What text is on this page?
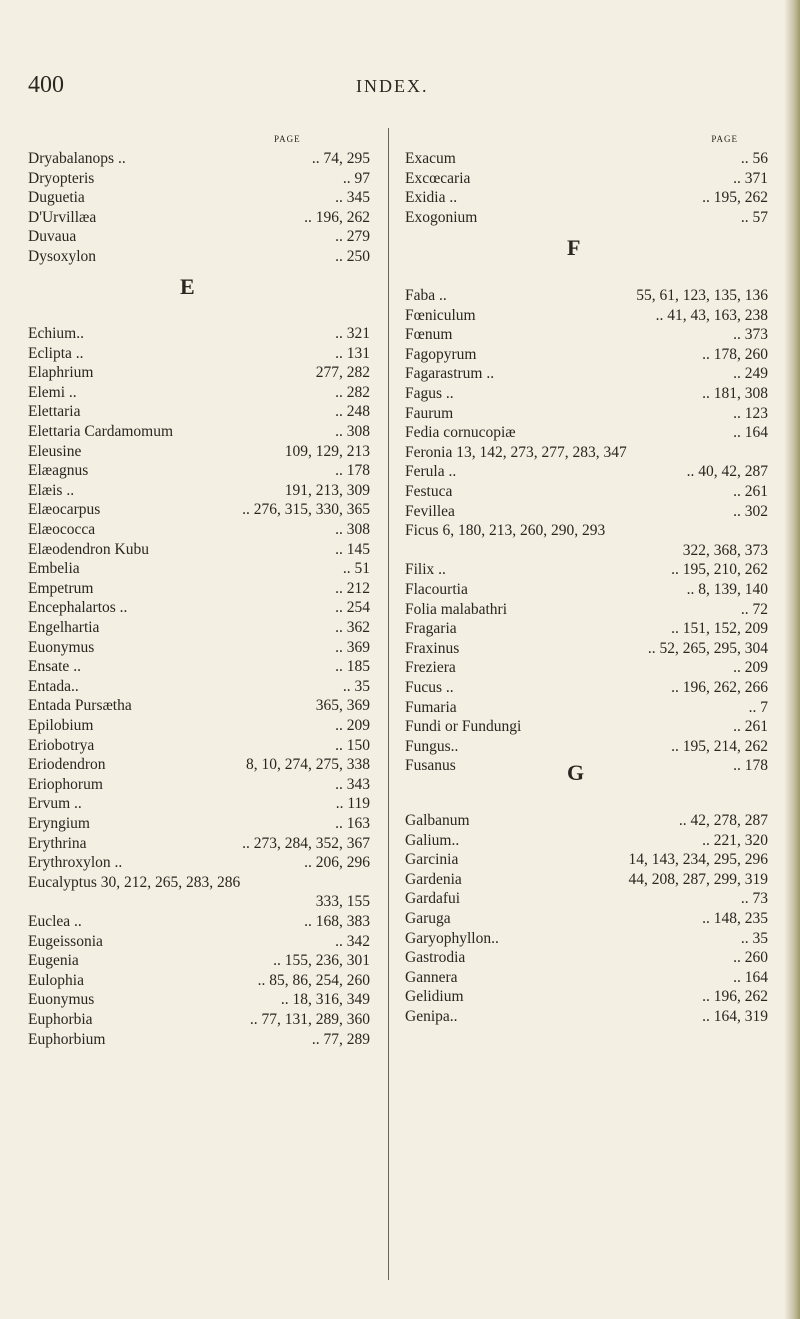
400	INDEX.
PAGE
E
Dryabalanops ..	.. 74, 295
Dryopteris	.. 97
Duguetia	.. 345
D'Urvillæa	.. 196, 262
Duvaua	.. 279
Dysoxylon	.. 250
Echium..	.. 321
Eclipta ..	.. 131
Elaphrium	277, 282
Elemi ..	.. 282
Elettaria	.. 248
Elettaria Cardamomum	.. 308
Eleusine	109, 129, 213
Elæagnus	.. 178
Elæis ..	191, 213, 309
Elæocarpus	.. 276, 315, 330, 365
Elæococca	.. 308
Elæodendron Kubu	.. 145
Embelia	.. 51
Empetrum	.. 212
Encephalartos ..	.. 254
Engelhartia	.. 362
Euonymus	.. 369
Ensate ..	.. 185
Entada..	.. 35
Entada Pursætha	365, 369
Epilobium	.. 209
Eriobotrya	.. 150
Eriodendron	8, 10, 274, 275, 338
Eriophorum	.. 343
Ervum ..	.. 119
Eryngium	.. 163
Erythrina	.. 273, 284, 352, 367
Erythroxylon ..	.. 206, 296
Eucalyptus 30, 212, 265, 283, 286
333, 155
Euclea ..	.. 168, 383
Eugeissonia	.. 342
Eugenia	.. 155, 236, 301
Eulophia	.. 85, 86, 254, 260
Euonymus	.. 18, 316, 349
Euphorbia	.. 77, 131, 289, 360
Euphorbium	.. 77, 289
PAGE
F
G
Exacum	.. 56
Excœcaria	.. 371
Exidia ..	.. 195, 262
Exogonium	.. 57
Faba ..	55, 61, 123, 135, 136
Fœniculum	.. 41, 43, 163, 238
Fœnum	.. 373
Fagopyrum	.. 178, 260
Fagarastrum ..	.. 249
Fagus ..	.. 181, 308
Faurum	.. 123
Fedia cornucopiæ	.. 164
Feronia 13, 142, 273, 277, 283, 347
Ferula ..	.. 40, 42, 287
Festuca	.. 261
Fevillea	.. 302
Ficus 6, 180, 213, 260, 290, 293
322, 368, 373
Filix ..	.. 195, 210, 262
Flacourtia	.. 8, 139, 140
Folia malabathri	.. 72
Fragaria	.. 151, 152, 209
Fraxinus	.. 52, 265, 295, 304
Freziera	.. 209
Fucus ..	.. 196, 262, 266
Fumaria	.. 7
Fundi or Fundungi	.. 261
Fungus..	.. 195, 214, 262
Fusanus	.. 178
Galbanum	.. 42, 278, 287
Galium..	.. 221, 320
Garcinia	14, 143, 234, 295, 296
Gardenia	44, 208, 287, 299, 319
Gardafui	.. 73
Garuga	.. 148, 235
Garyophyllon..	.. 35
Gastrodia	.. 260
Gannera	.. 164
Gelidium	.. 196, 262
Genipa..	.. 164, 319
